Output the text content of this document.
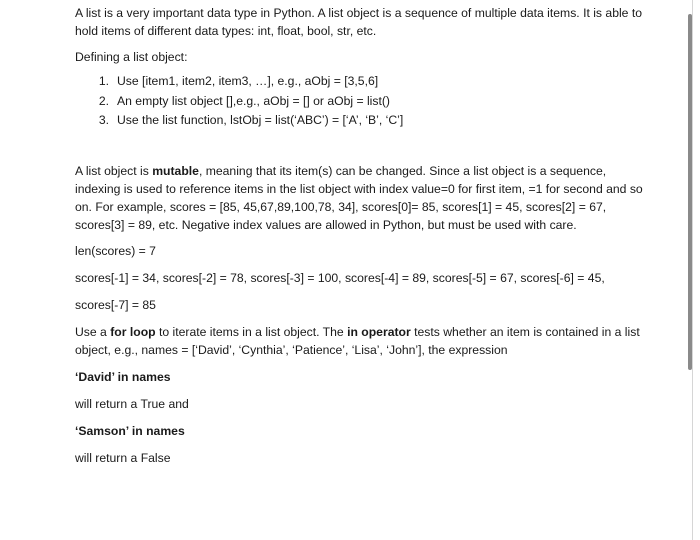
A list is a very important data type in Python. A list object is a sequence of multiple data items. It is able to hold items of different data types: int, float, bool, str, etc.

Defining a list object:

1. Use [item1, item2, item3, …], e.g., aObj = [3,5,6]
2. An empty list object [],e.g., aObj = [] or aObj = list()
3. Use the list function, lstObj = list(‘ABC’) = [‘A’, ‘B’, ‘C’]

A list object is mutable, meaning that its item(s) can be changed. Since a list object is a sequence, indexing is used to reference items in the list object with index value=0 for first item, =1 for second and so on. For example, scores = [85, 45,67,89,100,78, 34], scores[0]= 85, scores[1] = 45, scores[2] = 67, scores[3] = 89, etc. Negative index values are allowed in Python, but must be used with care.

len(scores) = 7

scores[-1] = 34, scores[-2] = 78, scores[-3] = 100, scores[-4] = 89, scores[-5] = 67, scores[-6] = 45,

scores[-7] = 85

Use a for loop to iterate items in a list object. The in operator tests whether an item is contained in a list object, e.g., names = [‘David’, ‘Cynthia’, ‘Patience’, ‘Lisa’, ‘John’], the expression

‘David’ in names

will return a True and

‘Samson’ in names

will return a False
